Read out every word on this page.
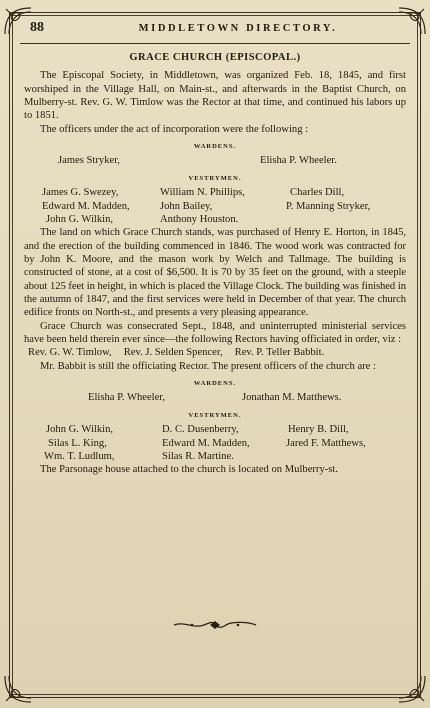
88	MIDDLETOWN DIRECTORY.
GRACE CHURCH (EPISCOPAL.)

The Episcopal Society, in Middletown, was organized Feb. 18, 1845, and first worshiped in the Village Hall, on Main-st., and afterwards in the Baptist Church, on Mulberry-st. Rev. G. W. Timlow was the Rector at that time, and continued his labors up to 1851.

The officers under the act of incorporation were the following :

WARDENS.
James Stryker,	Elisha P. Wheeler.
VESTRYMEN.
James G. Swezey,	William N. Phillips,	Charles Dill,
Edward M. Madden,	John Bailey,	P. Manning Stryker,
John G. Wilkin,	Anthony Houston.

The land on which Grace Church stands, was purchased of Henry E. Horton, in 1845, and the erection of the building commenced in 1846. The wood work was contracted for by John K. Moore, and the mason work by Welch and Tallmage. The building is constructed of stone, at a cost of $6,500. It is 70 by 35 feet on the ground, with a steeple about 125 feet in height, in which is placed the Village Clock. The building was finished in the autumn of 1847, and the first services were held in December of that year. The church edifice fronts on North-st., and presents a very pleasing appearance.

Grace Church was consecrated Sept., 1848, and uninterrupted ministerial services have been held therein ever since—the following Rectors having officiated in order, viz :

Rev. G. W. Timlow, Rev. J. Selden Spencer, Rev. P. Teller Babbit.

Mr. Babbit is still the officiating Rector. The present officers of the church are :

WARDENS.
Elisha P. Wheeler,	Jonathan M. Matthews.
VESTRYMEN.
John G. Wilkin,	D. C. Dusenberry,	Henry B. Dill,
Silas L. King,	Edward M. Madden,	Jared F. Matthews,
Wm. T. Ludlum,	Silas R. Martine.

The Parsonage house attached to the church is located on Mulberry-st.
